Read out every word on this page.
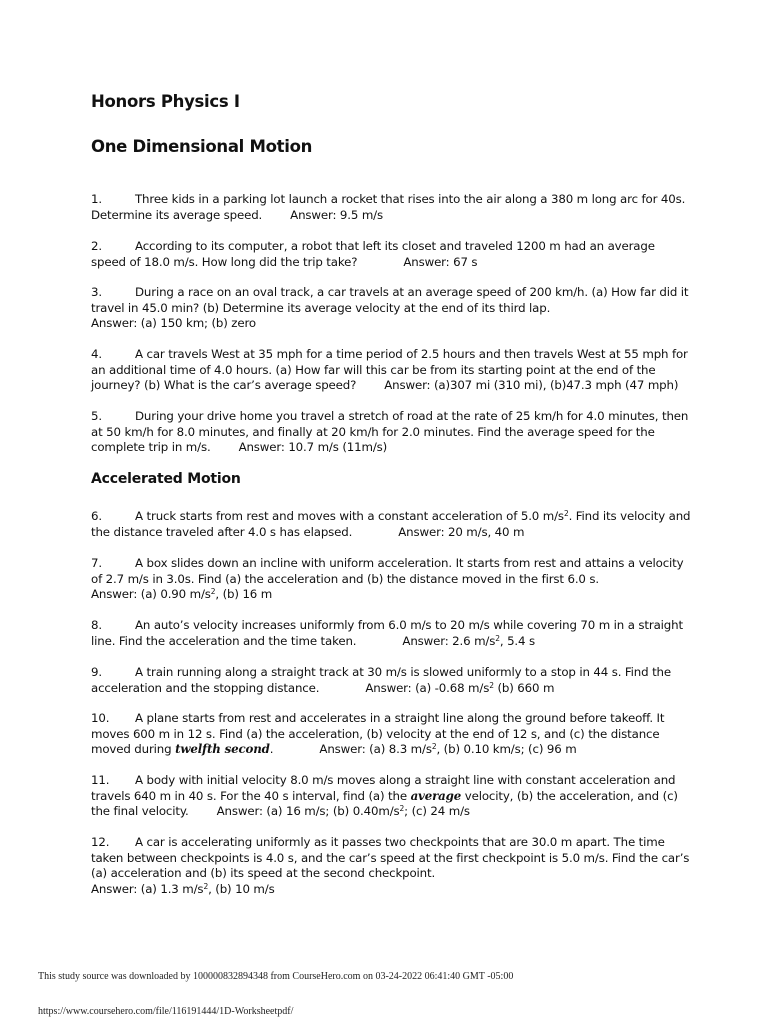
Honors Physics I
One Dimensional Motion
1.	Three kids in a parking lot launch a rocket that rises into the air along a 380 m long arc for 40s. Determine its average speed. Answer: 9.5 m/s
2.	According to its computer, a robot that left its closet and traveled 1200 m had an average speed of 18.0 m/s. How long did the trip take?	Answer: 67 s
3.	During a race on an oval track, a car travels at an average speed of 200 km/h. (a) How far did it travel in 45.0 min? (b) Determine its average velocity at the end of its third lap.
Answer: (a) 150 km; (b) zero
4.	A car travels West at 35 mph for a time period of 2.5 hours and then travels West at 55 mph for an additional time of 4.0 hours. (a) How far will this car be from its starting point at the end of the journey? (b) What is the car’s average speed? Answer: (a)307 mi (310 mi), (b)47.3 mph (47 mph)
5.	During your drive home you travel a stretch of road at the rate of 25 km/h for 4.0 minutes, then at 50 km/h for 8.0 minutes, and finally at 20 km/h for 2.0 minutes. Find the average speed for the complete trip in m/s. Answer: 10.7 m/s (11m/s)
Accelerated Motion
6.	A truck starts from rest and moves with a constant acceleration of 5.0 $m/s^2$. Find its velocity and the distance traveled after 4.0 s has elapsed.	Answer: 20 m/s, 40 m
7.	A box slides down an incline with uniform acceleration. It starts from rest and attains a velocity of 2.7 m/s in 3.0s. Find (a) the acceleration and (b) the distance moved in the first 6.0 s.
Answer: (a) 0.90 $m/s^2$, (b) 16 m
8.	An auto’s velocity increases uniformly from 6.0 m/s to 20 m/s while covering 70 m in a straight line. Find the acceleration and the time taken.	Answer: 2.6 $m/s^2$, 5.4 s
9.	A train running along a straight track at 30 m/s is slowed uniformly to a stop in 44 s. Find the acceleration and the stopping distance.	Answer: (a) -0.68 $m/s^2$ (b) 660 m
10. A plane starts from rest and accelerates in a straight line along the ground before takeoff. It moves 600 m in 12 s. Find (a) the acceleration, (b) velocity at the end of 12 s, and (c) the distance moved during twelfth second.	Answer: (a) 8.3 $m/s^2$, (b) 0.10 km/s; (c) 96 m
11. A body with initial velocity 8.0 m/s moves along a straight line with constant acceleration and travels 640 m in 40 s. For the 40 s interval, find (a) the average velocity, (b) the acceleration, and (c) the final velocity. Answer: (a) 16 m/s; (b) $0.40m/s^2$; (c) 24 m/s
12. A car is accelerating uniformly as it passes two checkpoints that are 30.0 m apart. The time taken between checkpoints is 4.0 s, and the car’s speed at the first checkpoint is 5.0 m/s. Find the car’s (a) acceleration and (b) its speed at the second checkpoint.
Answer: (a) 1.3 $m/s^2$, (b) 10 m/s
This study source was downloaded by 100000832894348 from CourseHero.com on 03-24-2022 06:41:40 GMT -05:00
https://www.coursehero.com/file/116191444/1D-Worksheetpdf/
